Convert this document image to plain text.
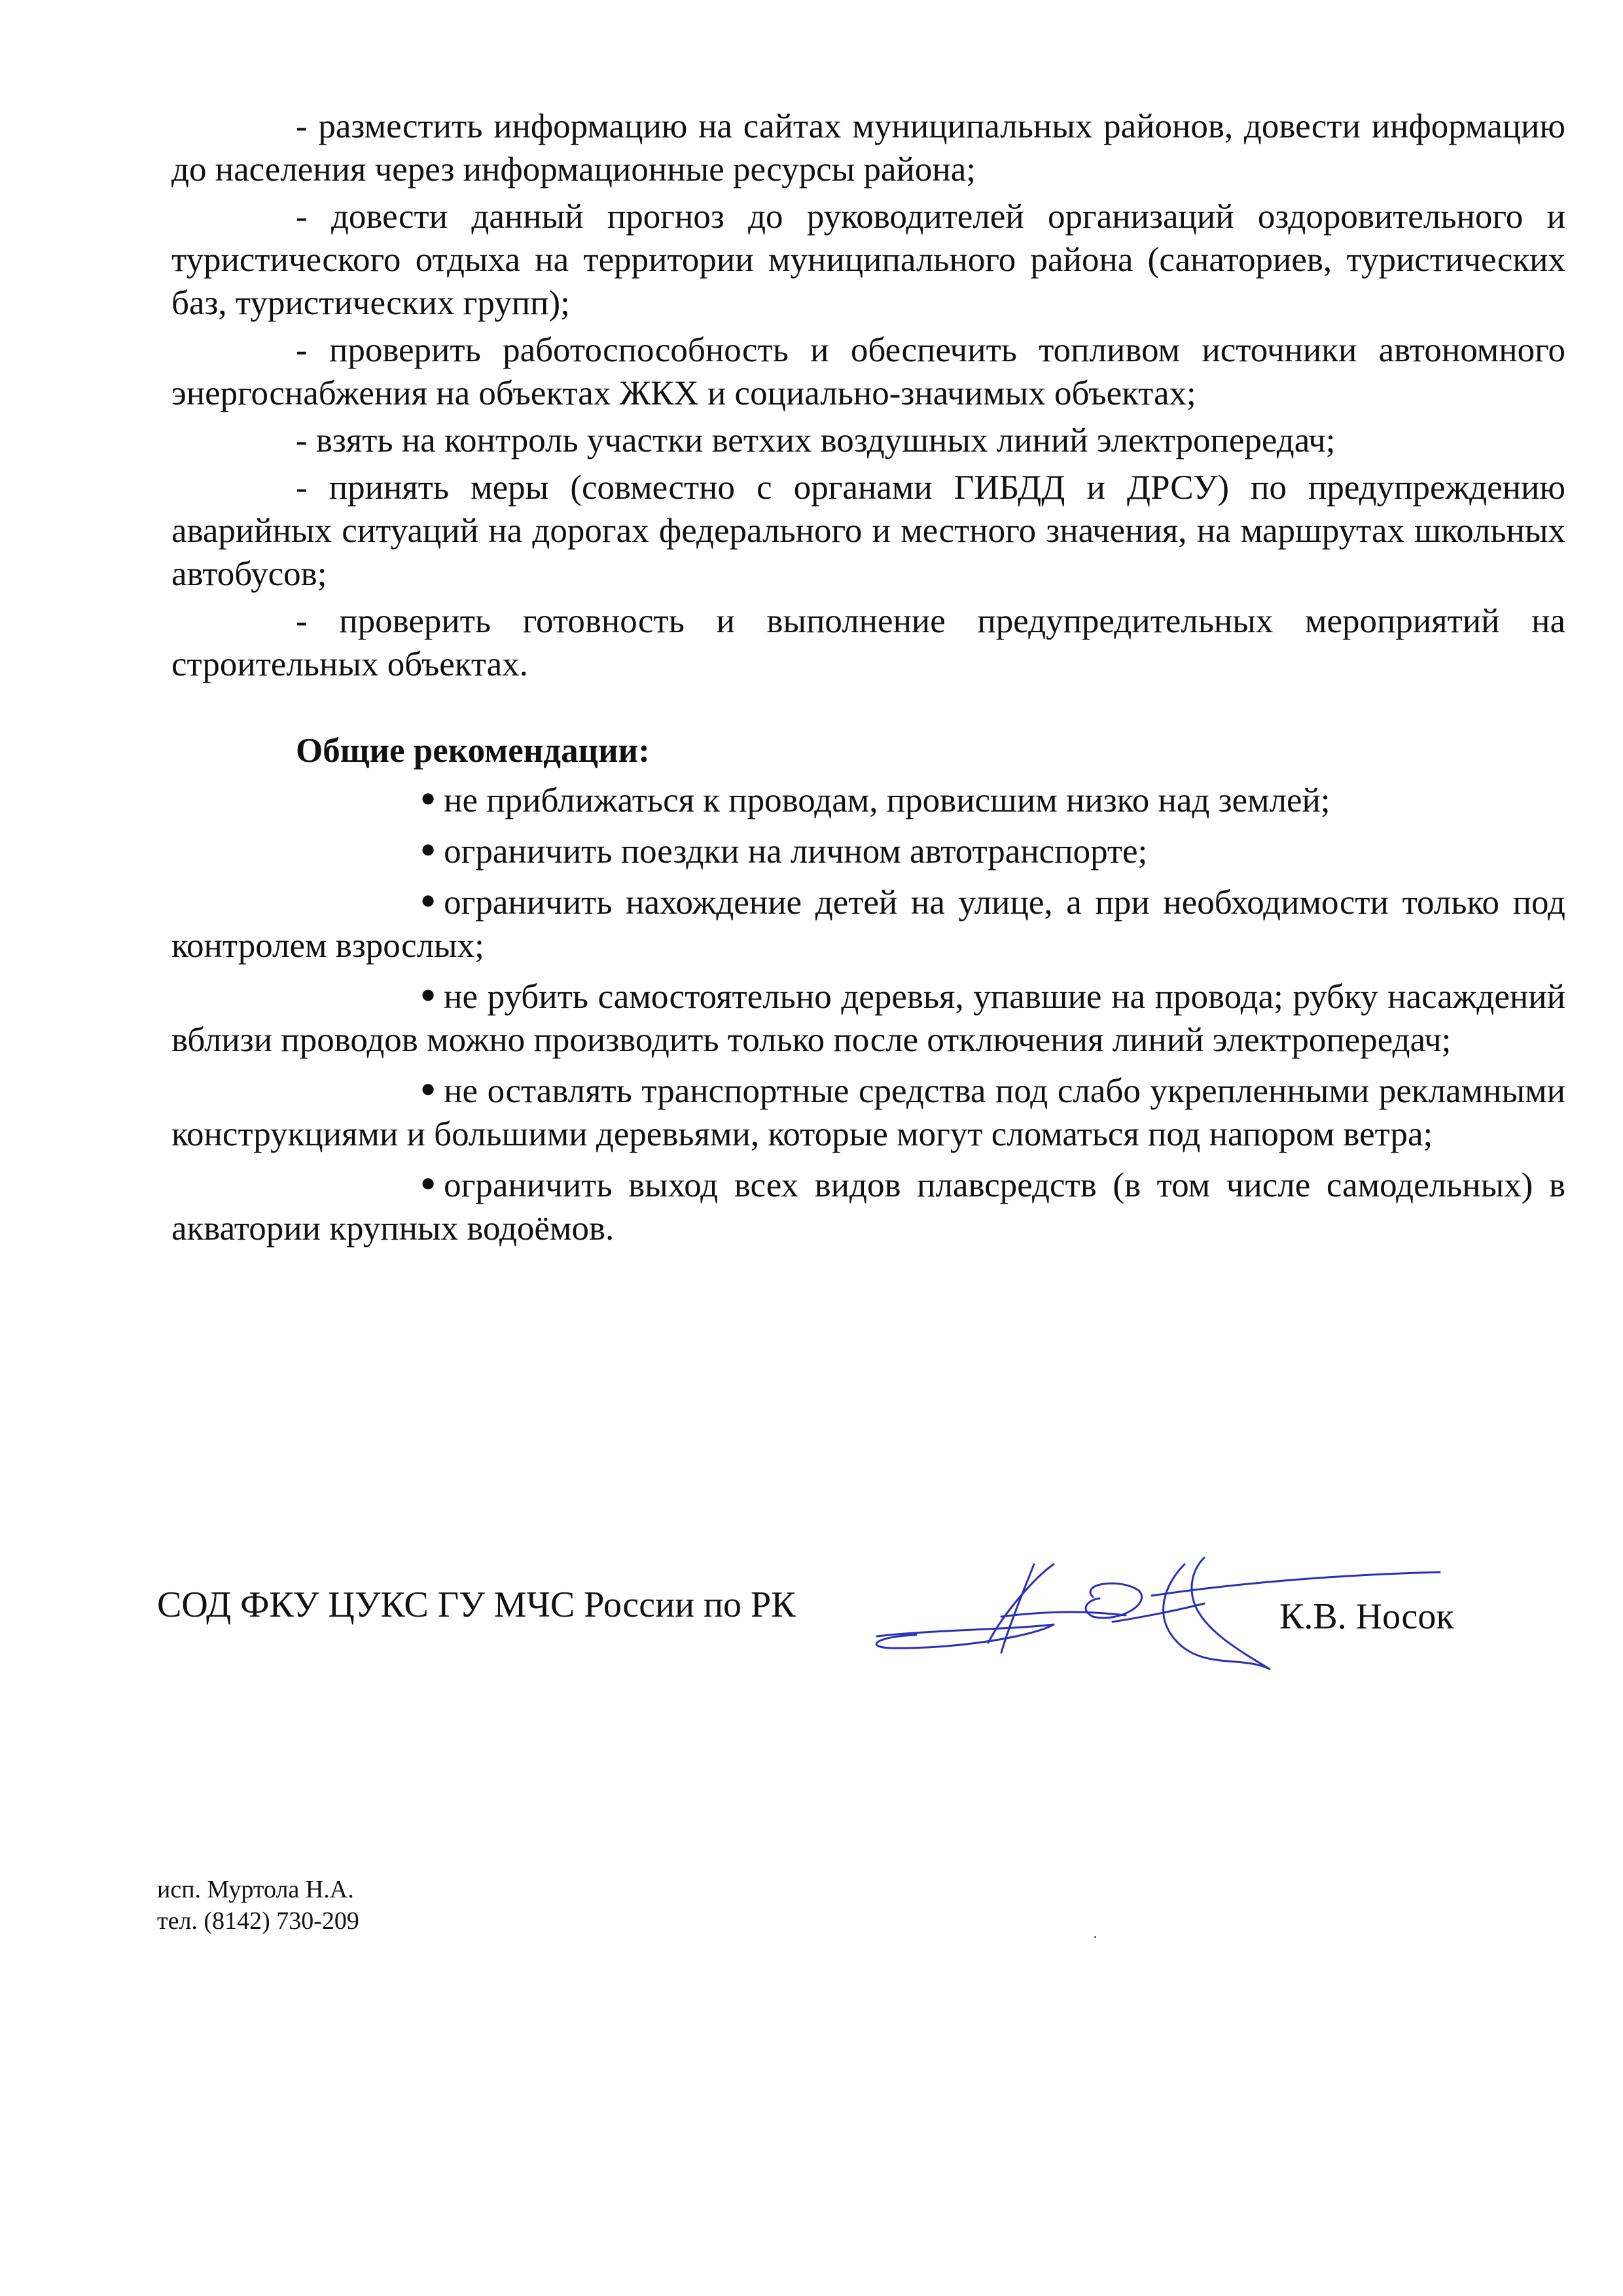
- разместить информацию на сайтах муниципальных районов, довести информацию до населения через информационные ресурсы района;

- довести данный прогноз до руководителей организаций оздоровительного и туристического отдыха на территории муниципального района (санаториев, туристических баз, туристических групп);

- проверить работоспособность и обеспечить топливом источники автономного энергоснабжения на объектах ЖКХ и социально-значимых объектах;

- взять на контроль участки ветхих воздушных линий электропередач;

- принять меры (совместно с органами ГИБДД и ДРСУ) по предупреждению аварийных ситуаций на дорогах федерального и местного значения, на маршрутах школьных автобусов;

- проверить готовность и выполнение предупредительных мероприятий на строительных объектах.

Общие рекомендации:

● не приближаться к проводам, провисшим низко над землей;

● ограничить поездки на личном автотранспорте;

● ограничить нахождение детей на улице, а при необходимости только под контролем взрослых;

● не рубить самостоятельно деревья, упавшие на провода; рубку насаждений вблизи проводов можно производить только после отключения линий электропередач;

● не оставлять транспортные средства под слабо укрепленными рекламными конструкциями и большими деревьями, которые могут сломаться под напором ветра;

● ограничить выход всех видов плавсредств (в том числе самодельных) в акватории крупных водоёмов.

СОД ФКУ ЦУКС ГУ МЧС России по РК	К.В. Носок
исп. Муртола Н.А.
тел. (8142) 730-209
